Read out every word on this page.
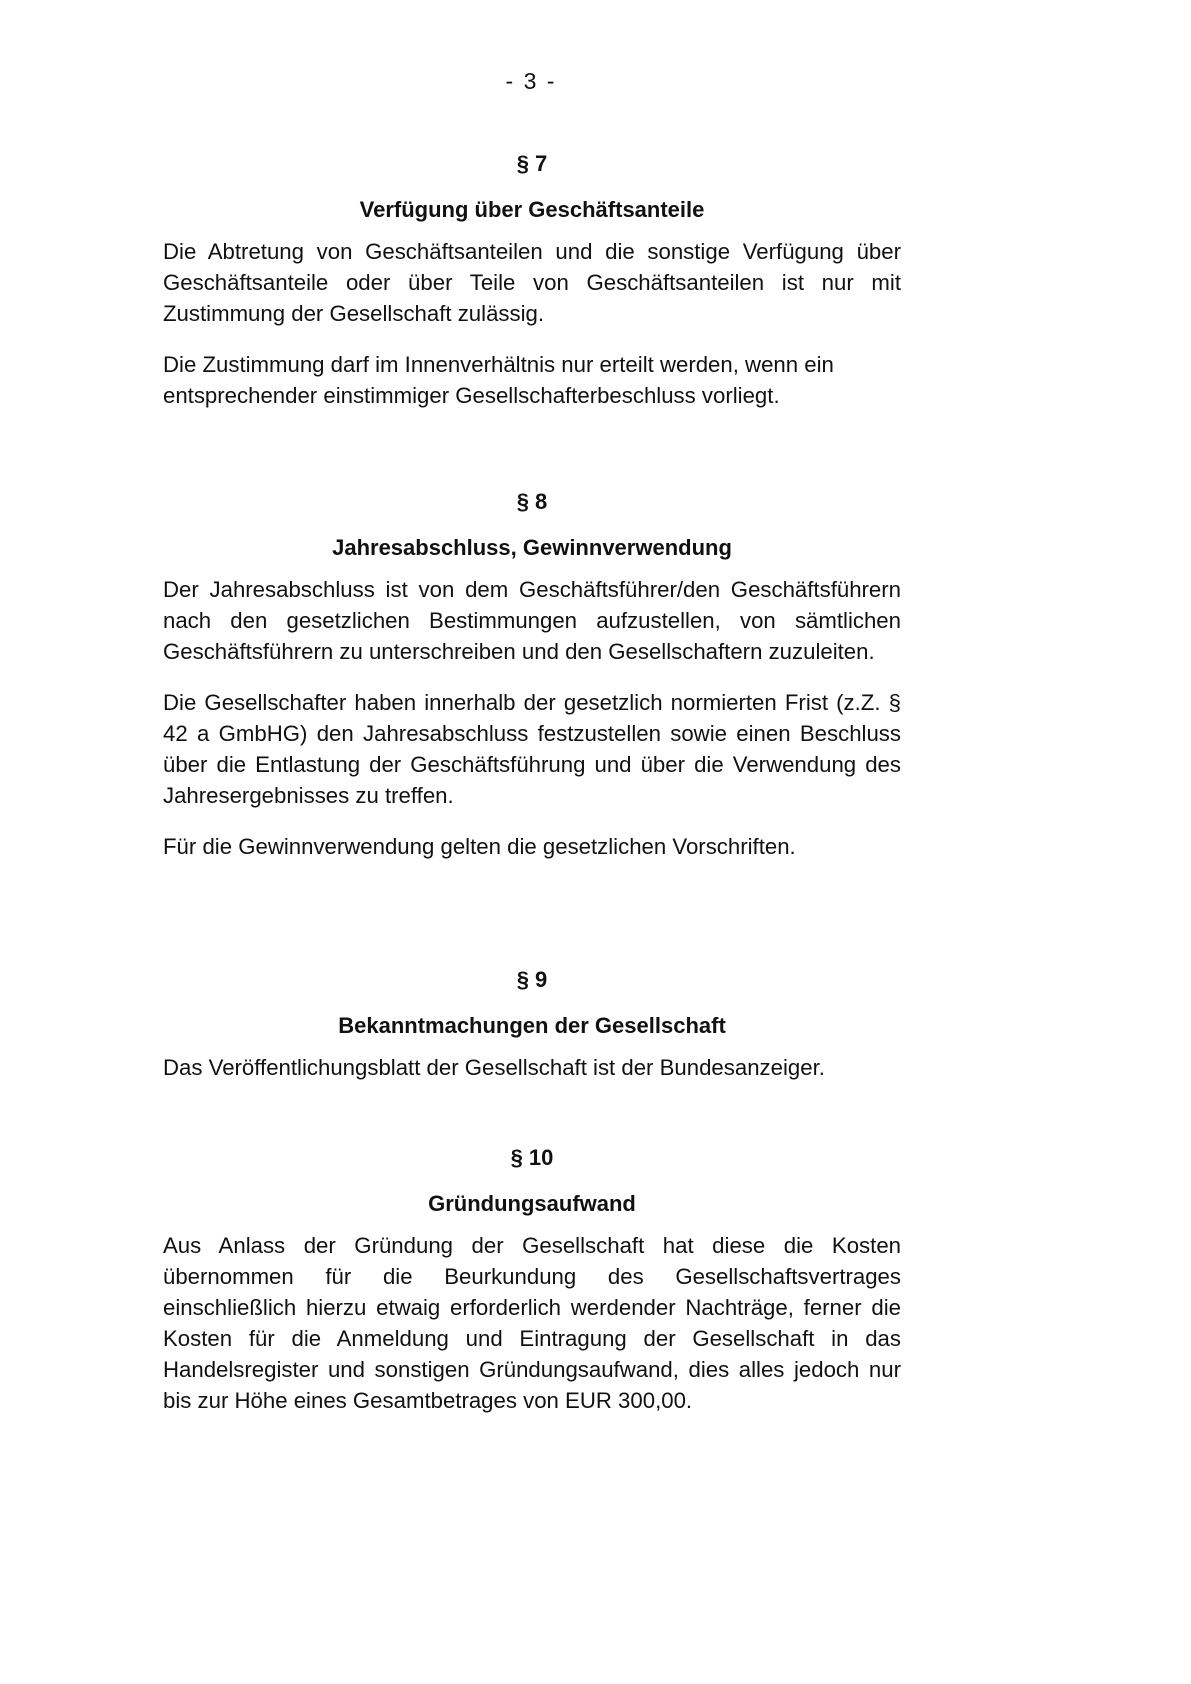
- 3 -
§ 7
Verfügung über Geschäftsanteile

Die Abtretung von Geschäftsanteilen und die sonstige Verfügung über Geschäftsanteile oder über Teile von Geschäftsanteilen ist nur mit Zustimmung der Gesellschaft zulässig.

Die Zustimmung darf im Innenverhältnis nur erteilt werden, wenn ein entsprechender einstimmiger Gesellschafterbeschluss vorliegt.

§ 8
Jahresabschluss, Gewinnverwendung

Der Jahresabschluss ist von dem Geschäftsführer/den Geschäftsführern nach den gesetzlichen Bestimmungen aufzustellen, von sämtlichen Geschäftsführern zu unterschreiben und den Gesellschaftern zuzuleiten.

Die Gesellschafter haben innerhalb der gesetzlich normierten Frist (z.Z. § 42 a GmbHG) den Jahresabschluss festzustellen sowie einen Beschluss über die Entlastung der Geschäftsführung und über die Verwendung des Jahresergebnisses zu treffen.

Für die Gewinnverwendung gelten die gesetzlichen Vorschriften.

§ 9
Bekanntmachungen der Gesellschaft

Das Veröffentlichungsblatt der Gesellschaft ist der Bundesanzeiger.

§ 10
Gründungsaufwand

Aus Anlass der Gründung der Gesellschaft hat diese die Kosten übernommen für die Beurkundung des Gesellschaftsvertrages einschließlich hierzu etwaig erforderlich werdender Nachträge, ferner die Kosten für die Anmeldung und Eintragung der Gesellschaft in das Handelsregister und sonstigen Gründungsaufwand, dies alles jedoch nur bis zur Höhe eines Gesamtbetrages von EUR 300,00.
